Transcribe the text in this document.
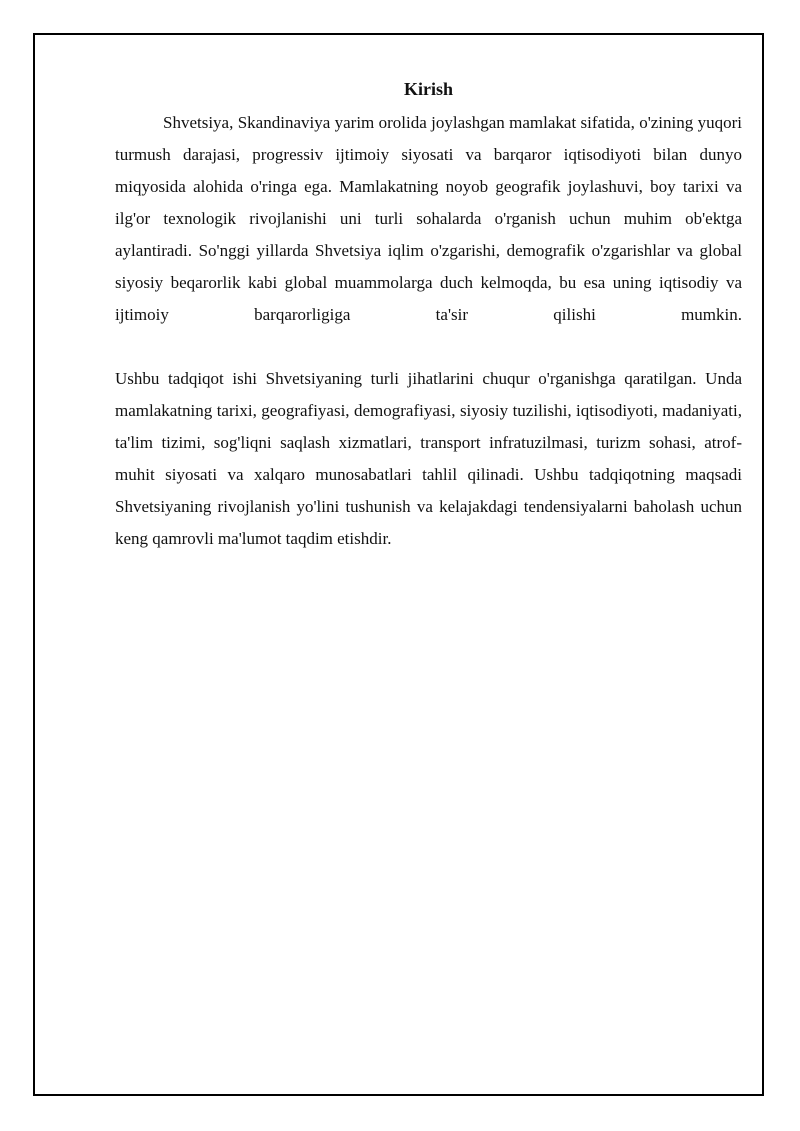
Kirish

Shvetsiya, Skandinaviya yarim orolida joylashgan mamlakat sifatida, o'zining yuqori turmush darajasi, progressiv ijtimoiy siyosati va barqaror iqtisodiyoti bilan dunyo miqyosida alohida o'ringa ega. Mamlakatning noyob geografik joylashuvi, boy tarixi va ilg'or texnologik rivojlanishi uni turli sohalarda o'rganish uchun muhim ob'ektga aylantiradi. So'nggi yillarda Shvetsiya iqlim o'zgarishi, demografik o'zgarishlar va global siyosiy beqarorlik kabi global muammolarga duch kelmoqda, bu esa uning iqtisodiy va ijtimoiy barqarorligiga ta'sir qilishi mumkin.

Ushbu tadqiqot ishi Shvetsiyaning turli jihatlarini chuqur o'rganishga qaratilgan. Unda mamlakatning tarixi, geografiyasi, demografiyasi, siyosiy tuzilishi, iqtisodiyoti, madaniyati, ta'lim tizimi, sog'liqni saqlash xizmatlari, transport infratuzilmasi, turizm sohasi, atrof-muhit siyosati va xalqaro munosabatlari tahlil qilinadi. Ushbu tadqiqotning maqsadi Shvetsiyaning rivojlanish yo'lini tushunish va kelajakdagi tendensiyalarni baholash uchun keng qamrovli ma'lumot taqdim etishdir.
